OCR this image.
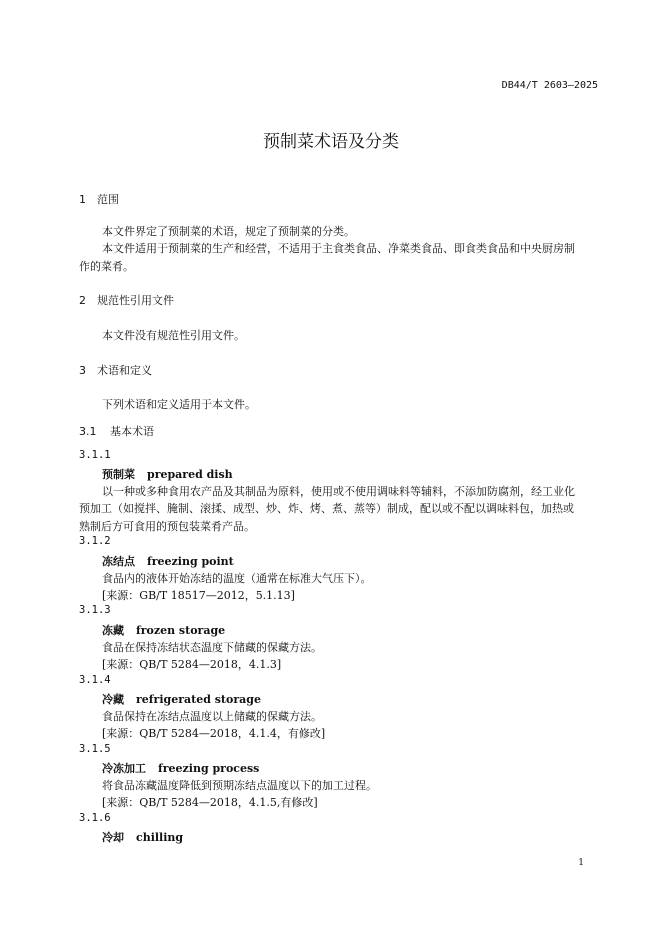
DB44/T 2603—2025
预制菜术语及分类
1 范围
本文件界定了预制菜的术语，规定了预制菜的分类。
本文件适用于预制菜的生产和经营，不适用于主食类食品、净菜类食品、即食类食品和中央厨房制
作的菜肴。
2 规范性引用文件
本文件没有规范性引用文件。
3 术语和定义
下列术语和定义适用于本文件。
3.1 基本术语
3.1.1
预制菜 prepared dish
以一种或多种食用农产品及其制品为原料，使用或不使用调味料等辅料，不添加防腐剂，经工业化
预加工（如搅拌、腌制、滚揉、成型、炒、炸、烤、煮、蒸等）制成，配以或不配以调味料包，加热或
熟制后方可食用的预包装菜肴产品。
3.1.2
冻结点 freezing point
食品内的液体开始冻结的温度（通常在标准大气压下）。
[来源：GB/T 18517—2012，5.1.13]
3.1.3
冻藏 frozen storage
食品在保持冻结状态温度下储藏的保藏方法。
[来源：QB/T 5284—2018，4.1.3]
3.1.4
冷藏 refrigerated storage
食品保持在冻结点温度以上储藏的保藏方法。
[来源：QB/T 5284—2018，4.1.4，有修改]
3.1.5
冷冻加工 freezing process
将食品冻藏温度降低到预期冻结点温度以下的加工过程。
[来源：QB/T 5284—2018，4.1.5,有修改]
3.1.6
冷却 chilling
1
